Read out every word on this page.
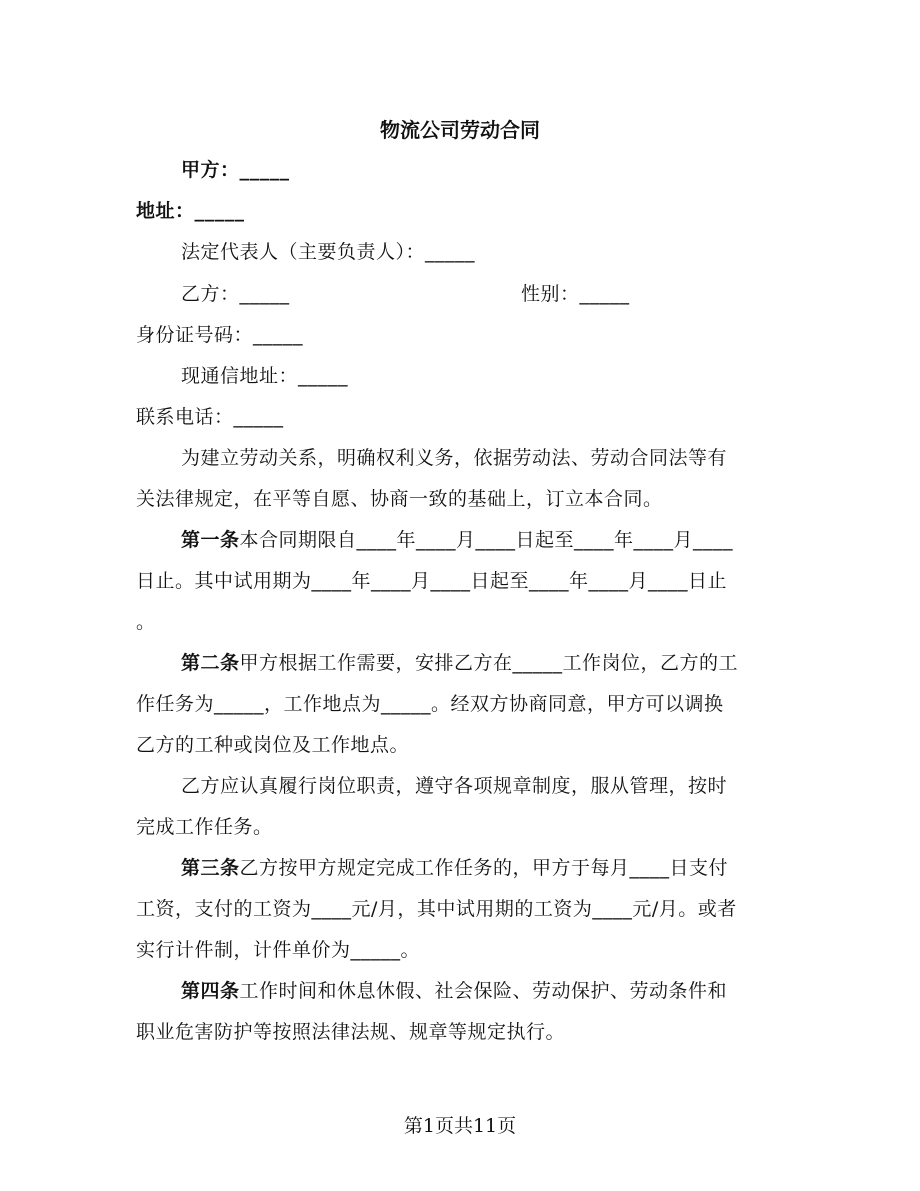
物流公司劳动合同
甲方：_____
地址：_____
法定代表人（主要负责人）：_____
乙方：_____	性别：_____
身份证号码：_____
现通信地址：_____
联系电话：_____
为建立劳动关系，明确权利义务，依据劳动法、劳动合同法等有
关法律规定，在平等自愿、协商一致的基础上，订立本合同。
第一条本合同期限自____年____月____日起至____年____月____
日止。其中试用期为____年____月____日起至____年____月____日止
。
第二条甲方根据工作需要，安排乙方在_____工作岗位，乙方的工
作任务为_____，工作地点为_____。经双方协商同意，甲方可以调换
乙方的工种或岗位及工作地点。
乙方应认真履行岗位职责，遵守各项规章制度，服从管理，按时
完成工作任务。
第三条乙方按甲方规定完成工作任务的，甲方于每月____日支付
工资，支付的工资为____元/月，其中试用期的工资为____元/月。或者
实行计件制，计件单价为_____。
第四条工作时间和休息休假、社会保险、劳动保护、劳动条件和
职业危害防护等按照法律法规、规章等规定执行。
第1页共11页
